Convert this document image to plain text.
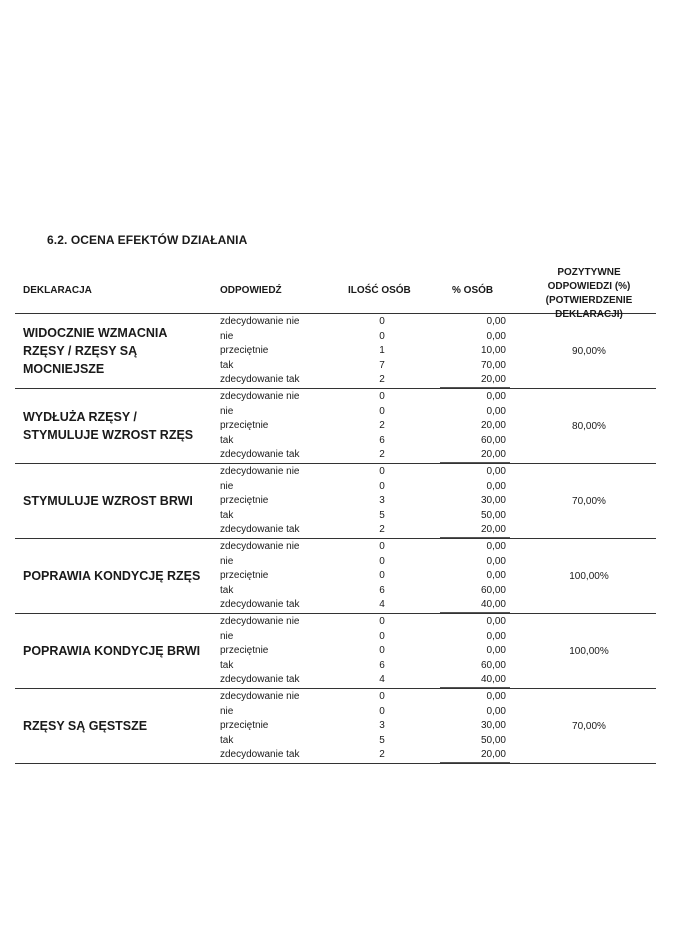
6.2. OCENA EFEKTÓW DZIAŁANIA
DEKLARACJA	ODPOWIEDŹ	ILOŚĆ OSÓB	% OSÓB
POZYTYWNE ODPOWIEDZI (%) (POTWIERDZENIE DEKLARACJI)
WIDOCZNIE WZMACNIA RZĘSY / RZĘSY SĄ MOCNIEJSZE
zdecydowanie nie	0	0,00
nie	0	0,00
przeciętnie	1	10,00
tak	7	70,00
zdecydowanie tak	2	20,00
90,00%
WYDŁUŻA RZĘSY / STYMULUJE WZROST RZĘS
zdecydowanie nie	0	0,00
nie	0	0,00
przeciętnie	2	20,00
tak	6	60,00
zdecydowanie tak	2	20,00
80,00%
STYMULUJE WZROST BRWI
zdecydowanie nie	0	0,00
nie	0	0,00
przeciętnie	3	30,00
tak	5	50,00
zdecydowanie tak	2	20,00
70,00%
POPRAWIA KONDYCJĘ RZĘS
zdecydowanie nie	0	0,00
nie	0	0,00
przeciętnie	0	0,00
tak	6	60,00
zdecydowanie tak	4	40,00
100,00%
POPRAWIA KONDYCJĘ BRWI
zdecydowanie nie	0	0,00
nie	0	0,00
przeciętnie	0	0,00
tak	6	60,00
zdecydowanie tak	4	40,00
100,00%
RZĘSY SĄ GĘSTSZE
zdecydowanie nie	0	0,00
nie	0	0,00
przeciętnie	3	30,00
tak	5	50,00
zdecydowanie tak	2	20,00
70,00%
